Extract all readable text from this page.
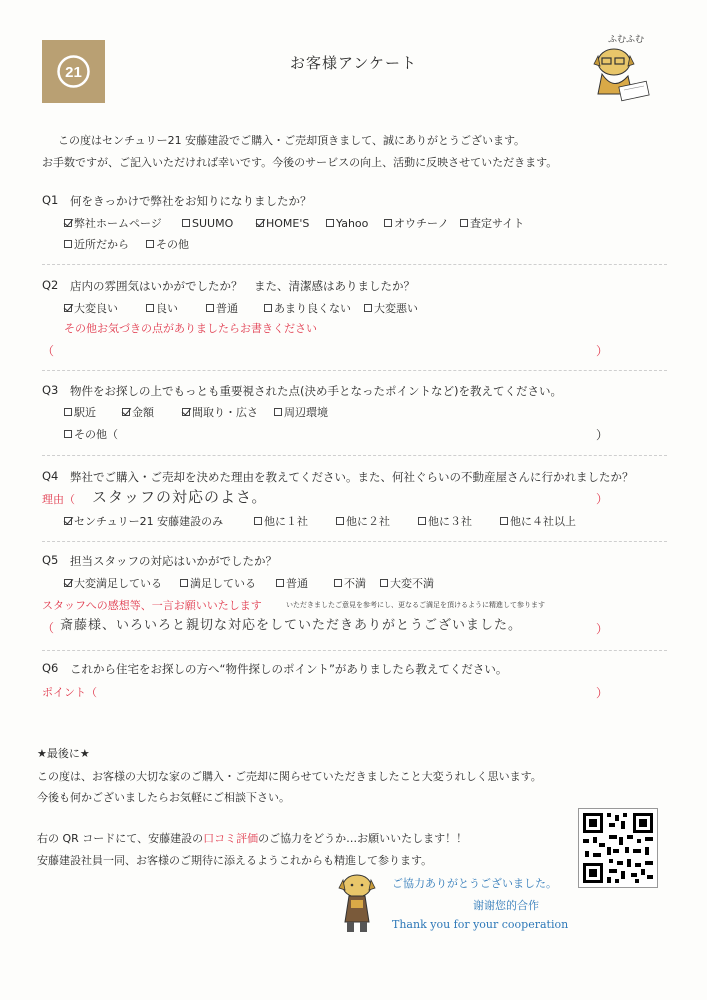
21
お客様アンケート
ふむふむ
この度はセンチュリー21 安藤建設でご購入・ご売却頂きまして、誠にありがとうございます。
お手数ですが、ご記入いただければ幸いです。今後のサービスの向上、活動に反映させていただきます。
Q1 何をきっかけで弊社をお知りになりましたか？
弊社ホームページ	SUUMO	HOME'S Yahoo オウチーノ 査定サイト
近所だから その他
Q2 店内の雰囲気はいかがでしたか？　また、清潔感はありましたか？
大変良い	良い	普通	あまり良くない 大変悪い
その他お気づきの点がありましたらお書きください
（	）
Q3 物件をお探しの上でもっとも重要視された点(決め手となったポイントなど)を教えてください。
駅近	金額	間取り・広さ 周辺環境
その他（	）
Q4 弊社でご購入・ご売却を決めた理由を教えてください。また、何社ぐらいの不動産屋さんに行かれましたか？
理由（ スタッフの対応のよさ。	）
センチュリー21 安藤建設のみ	他に１社	他に２社	他に３社	他に４社以上
Q5 担当スタッフの対応はいかがでしたか？
大変満足している	満足している	普通	不満 大変不満
スタッフへの感想等、一言お願いいたします	いただきましたご意見を参考にし、更なるご満足を頂けるように精進して参ります
（ 斎藤様、いろいろと親切な対応をしていただきありがとうございました。	）
Q6 これから住宅をお探しの方へ“物件探しのポイント”がありましたら教えてください。
ポイント（	）
★最後に★
この度は、お客様の大切な家のご購入・ご売却に関らせていただきましたこと大変うれしく思います。
今後も何かございましたらお気軽にご相談下さい。
右の QR コードにて、安藤建設の口コミ評価のご協力をどうか…お願いいたします！！
安藤建設社員一同、お客様のご期待に添えるようこれからも精進して参ります。
ご協力ありがとうございました。
谢谢您的合作
Thank you for your cooperation
